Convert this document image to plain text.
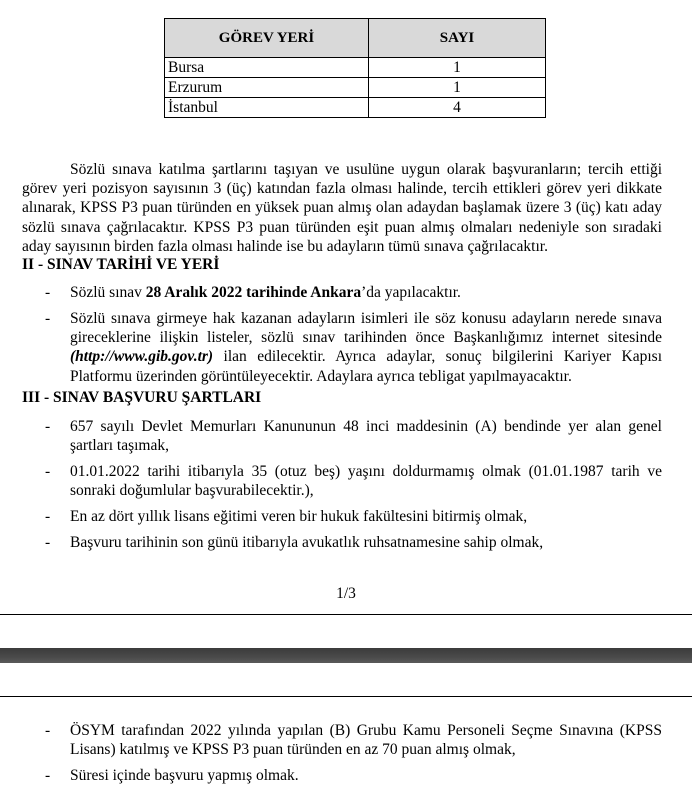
GÖREV YERİ	SAYI
Bursa	1
Erzurum	1
İstanbul	4

Sözlü sınava katılma şartlarını taşıyan ve usulüne uygun olarak başvuranların; tercih ettiği görev yeri pozisyon sayısının 3 (üç) katından fazla olması halinde, tercih ettikleri görev yeri dikkate alınarak, KPSS P3 puan türünden en yüksek puan almış olan adaydan başlamak üzere 3 (üç) katı aday sözlü sınava çağrılacaktır. KPSS P3 puan türünden eşit puan almış olmaları nedeniyle son sıradaki aday sayısının birden fazla olması halinde ise bu adayların tümü sınava çağrılacaktır.

II - SINAV TARİHİ VE YERİ
- Sözlü sınav 28 Aralık 2022 tarihinde Ankara’da yapılacaktır.
- Sözlü sınava girmeye hak kazanan adayların isimleri ile söz konusu adayların nerede sınava gireceklerine ilişkin listeler, sözlü sınav tarihinden önce Başkanlığımız internet sitesinde (http://www.gib.gov.tr) ilan edilecektir. Ayrıca adaylar, sonuç bilgilerini Kariyer Kapısı Platformu üzerinden görüntüleyecektir. Adaylara ayrıca tebligat yapılmayacaktır.
III - SINAV BAŞVURU ŞARTLARI
- 657 sayılı Devlet Memurları Kanununun 48 inci maddesinin (A) bendinde yer alan genel şartları taşımak,
- 01.01.2022 tarihi itibarıyla 35 (otuz beş) yaşını doldurmamış olmak (01.01.1987 tarih ve sonraki doğumlular başvurabilecektir.),
- En az dört yıllık lisans eğitimi veren bir hukuk fakültesini bitirmiş olmak,
- Başvuru tarihinin son günü itibarıyla avukatlık ruhsatnamesine sahip olmak,
1/3
- ÖSYM tarafından 2022 yılında yapılan (B) Grubu Kamu Personeli Seçme Sınavına (KPSS Lisans) katılmış ve KPSS P3 puan türünden en az 70 puan almış olmak,
- Süresi içinde başvuru yapmış olmak.
